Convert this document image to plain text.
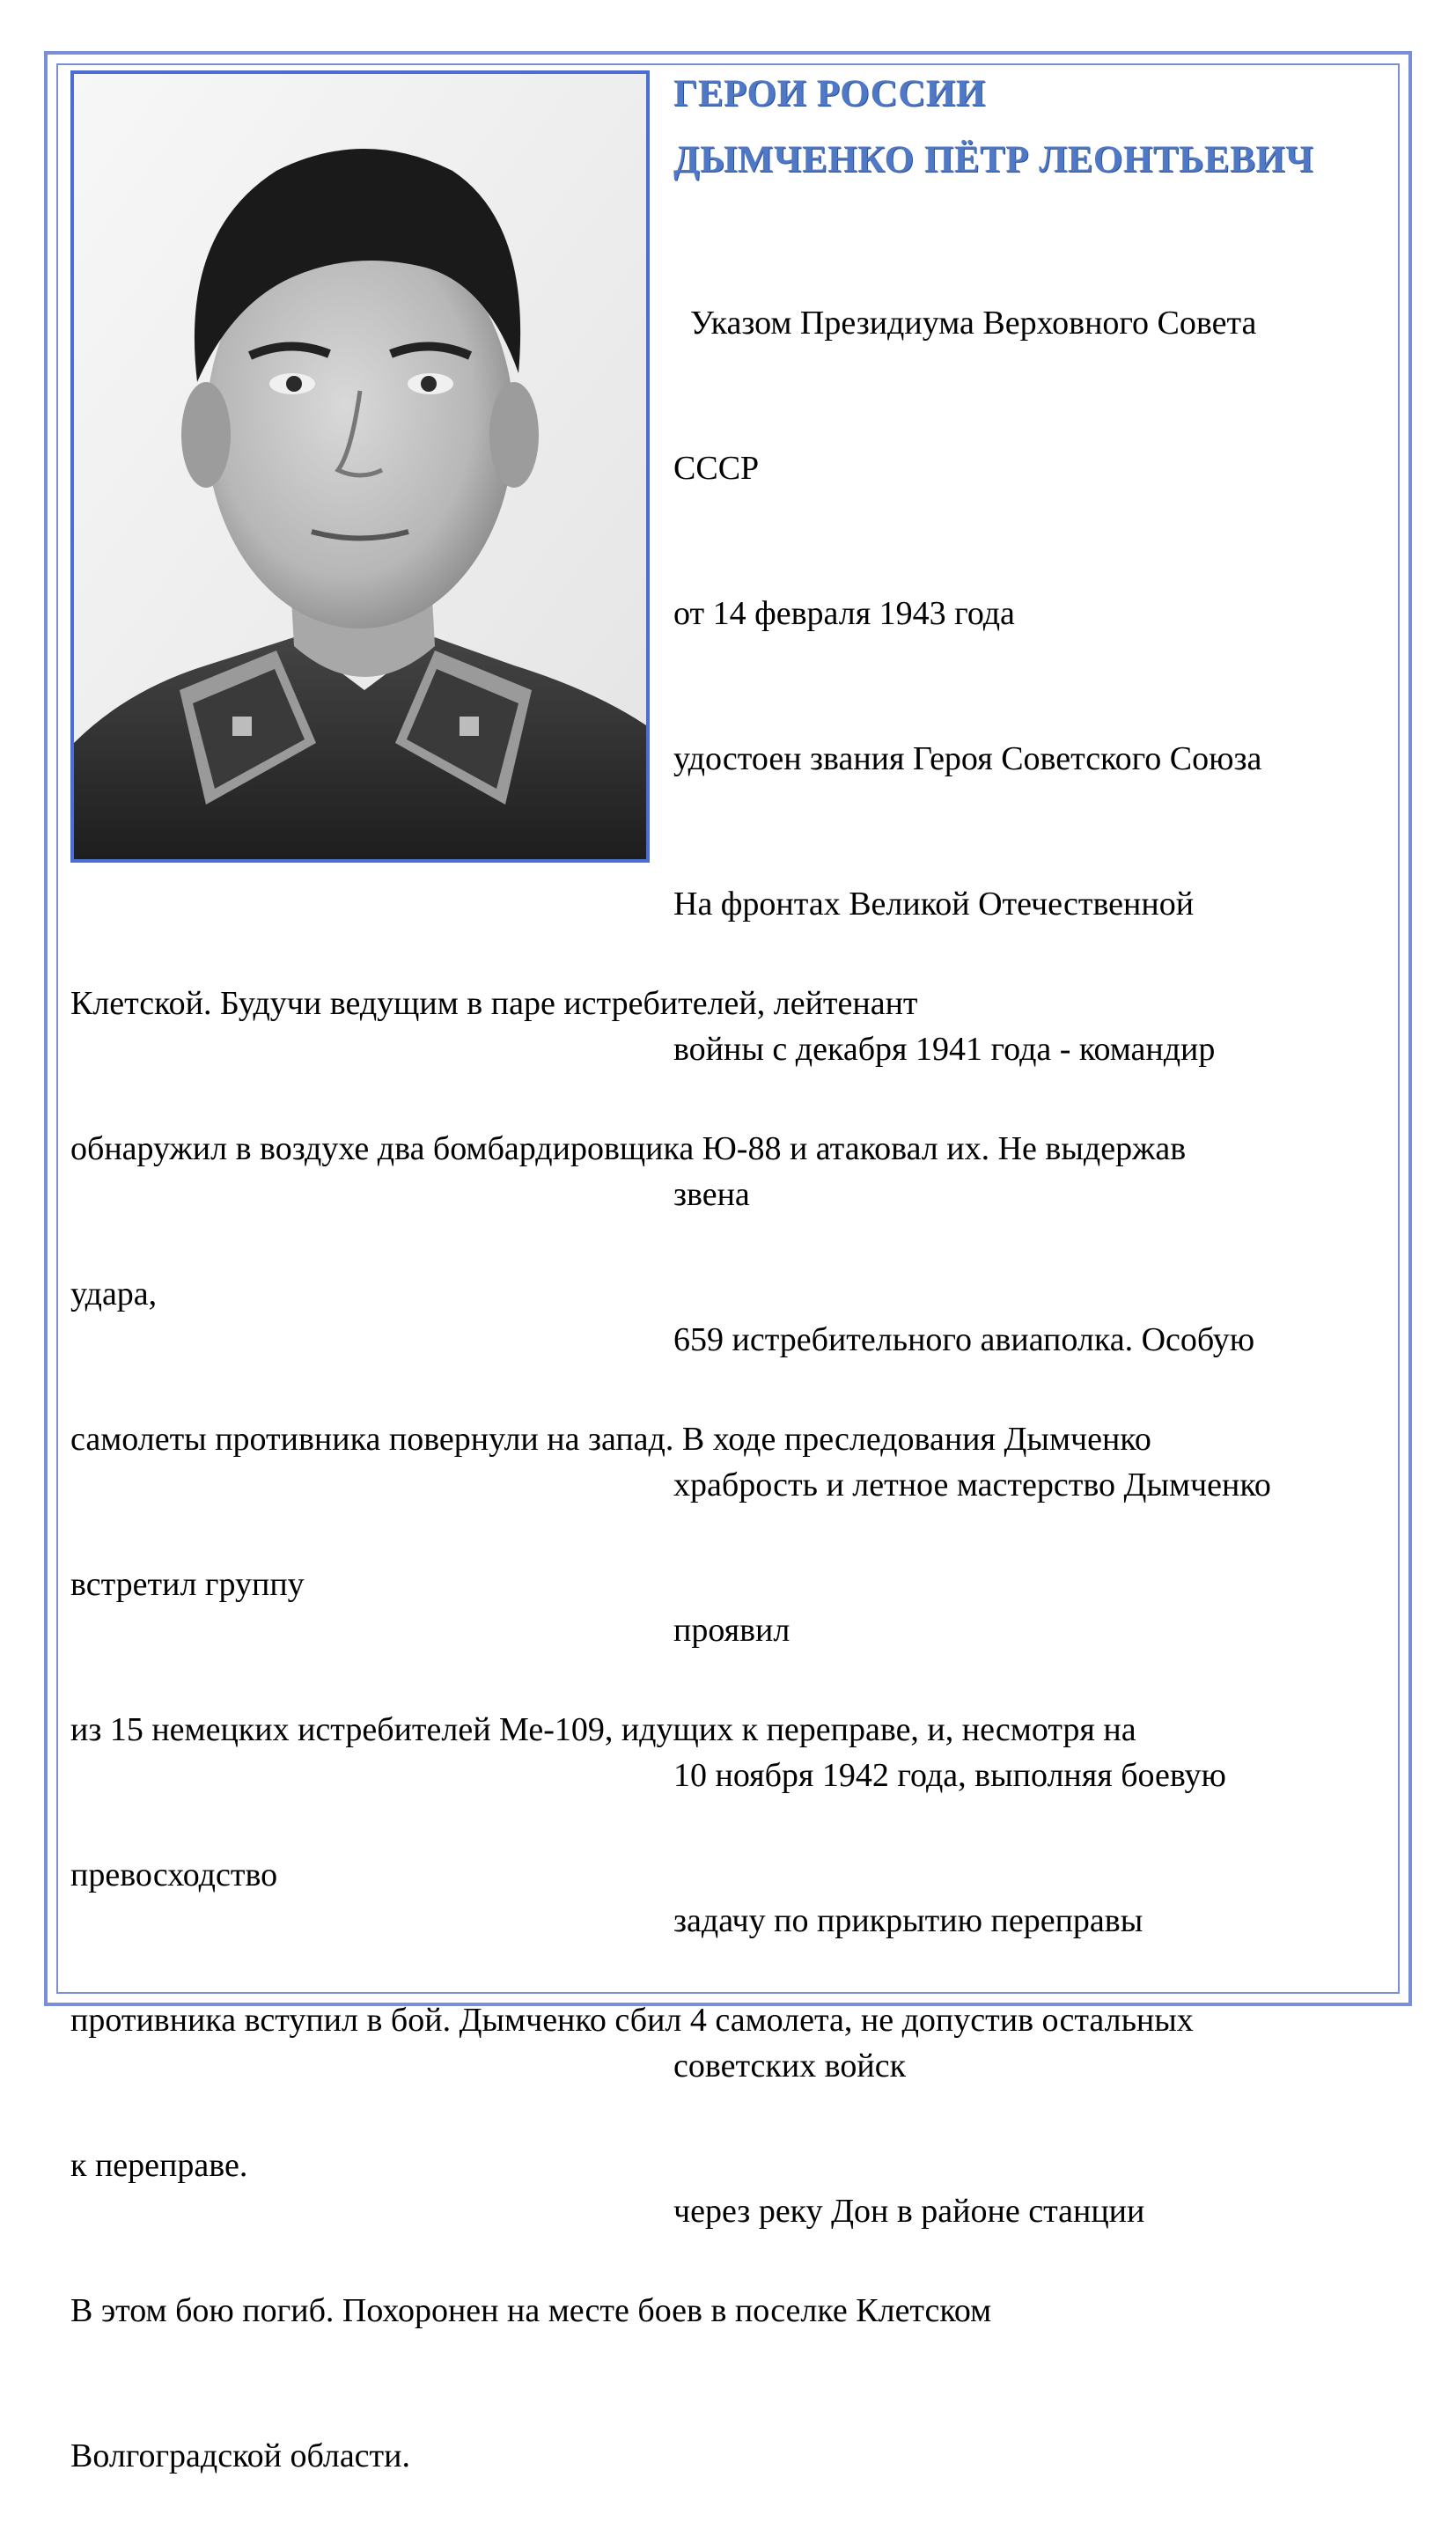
ГЕРОИ РОССИИ
ДЫМЧЕНКО ПЁТР ЛЕОНТЬЕВИЧ

Указом Президиума Верховного Совета

СССР

от 14 февраля 1943 года

удостоен звания Героя Советского Союза

На фронтах Великой Отечественной

войны с декабря 1941 года - командир

звена

659 истребительного авиаполка. Особую

храбрость и летное мастерство Дымченко

проявил

10 ноября 1942 года, выполняя боевую

задачу по прикрытию переправы

советских войск

через реку Дон в районе станции

Клетской. Будучи ведущим в паре истребителей, лейтенант

обнаружил в воздухе два бомбардировщика Ю-88 и атаковал их. Не выдержав

удара,

самолеты противника повернули на запад. В ходе преследования Дымченко

встретил группу

из 15 немецких истребителей Ме-109, идущих к переправе, и, несмотря на

превосходство

противника вступил в бой. Дымченко сбил 4 самолета, не допустив остальных

к переправе.

В этом бою погиб. Похоронен на месте боев в поселке Клетском

Волгоградской области.
